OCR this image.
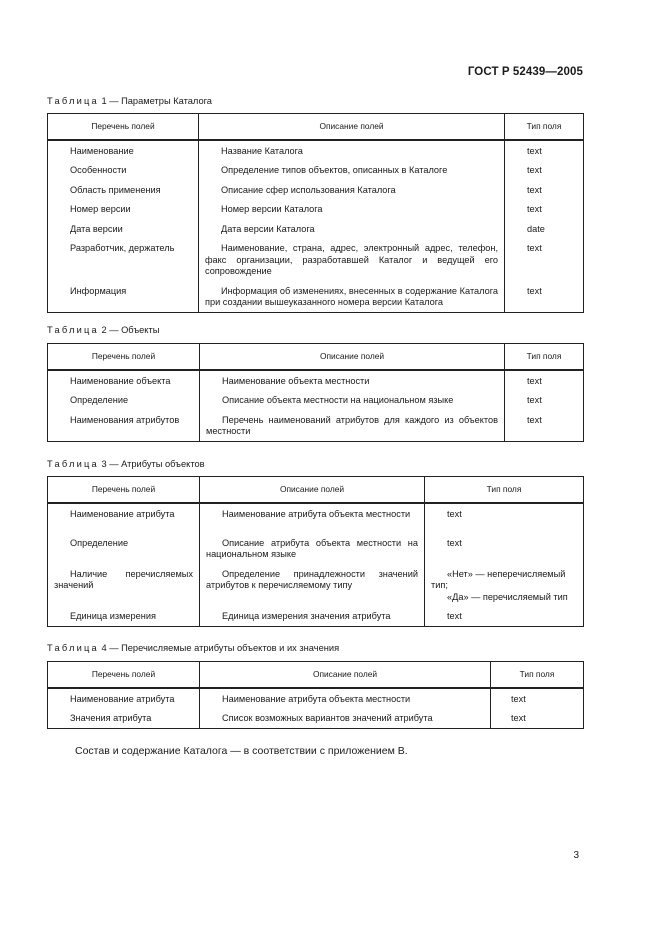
ГОСТ Р 52439—2005
Таблица 1 — Параметры Каталога
Перечень полей	Описание полей	Тип поля

Наименование	Название Каталога	text

Особенности	Определение типов объектов, описанных в Каталоге	text

Область применения	Описание сфер использования Каталога	text

Номер версии	Номер версии Каталога	text

Дата версии	Дата версии Каталога	date

Разработчик, держатель	Наименование, страна, адрес, электронный адрес, телефон, факс организации, разработавшей Каталог и ведущей его сопровождение	text

Информация	Информация об изменениях, внесенных в содержание Каталога при создании вышеуказанного номера версии Каталога	text
Таблица 2 — Объекты
Перечень полей	Описание полей	Тип поля

Наименование объекта	Наименование объекта местности	text

Определение	Описание объекта местности на национальном языке	text

Наименования атрибутов	Перечень наименований атрибутов для каждого из объектов местности	text
Таблица 3 — Атрибуты объектов
Перечень полей	Описание полей	Тип поля

Наименование атрибута	Наименование атрибута объекта местности	text

Определение	Описание атрибута объекта местности на национальном языке	text

Наличие перечисляемых значений	Определение принадлежности значений атрибутов к перечисляемому типу	«Нет» — неперечисляемый тип;
«Да» — перечисляемый тип

Единица измерения	Единица измерения значения атрибута	text
Таблица 4 — Перечисляемые атрибуты объектов и их значения
Перечень полей	Описание полей	Тип поля

Наименование атрибута	Наименование атрибута объекта местности	text

Значения атрибута	Список возможных вариантов значений атрибута	text
Состав и содержание Каталога — в соответствии с приложением В.
3
